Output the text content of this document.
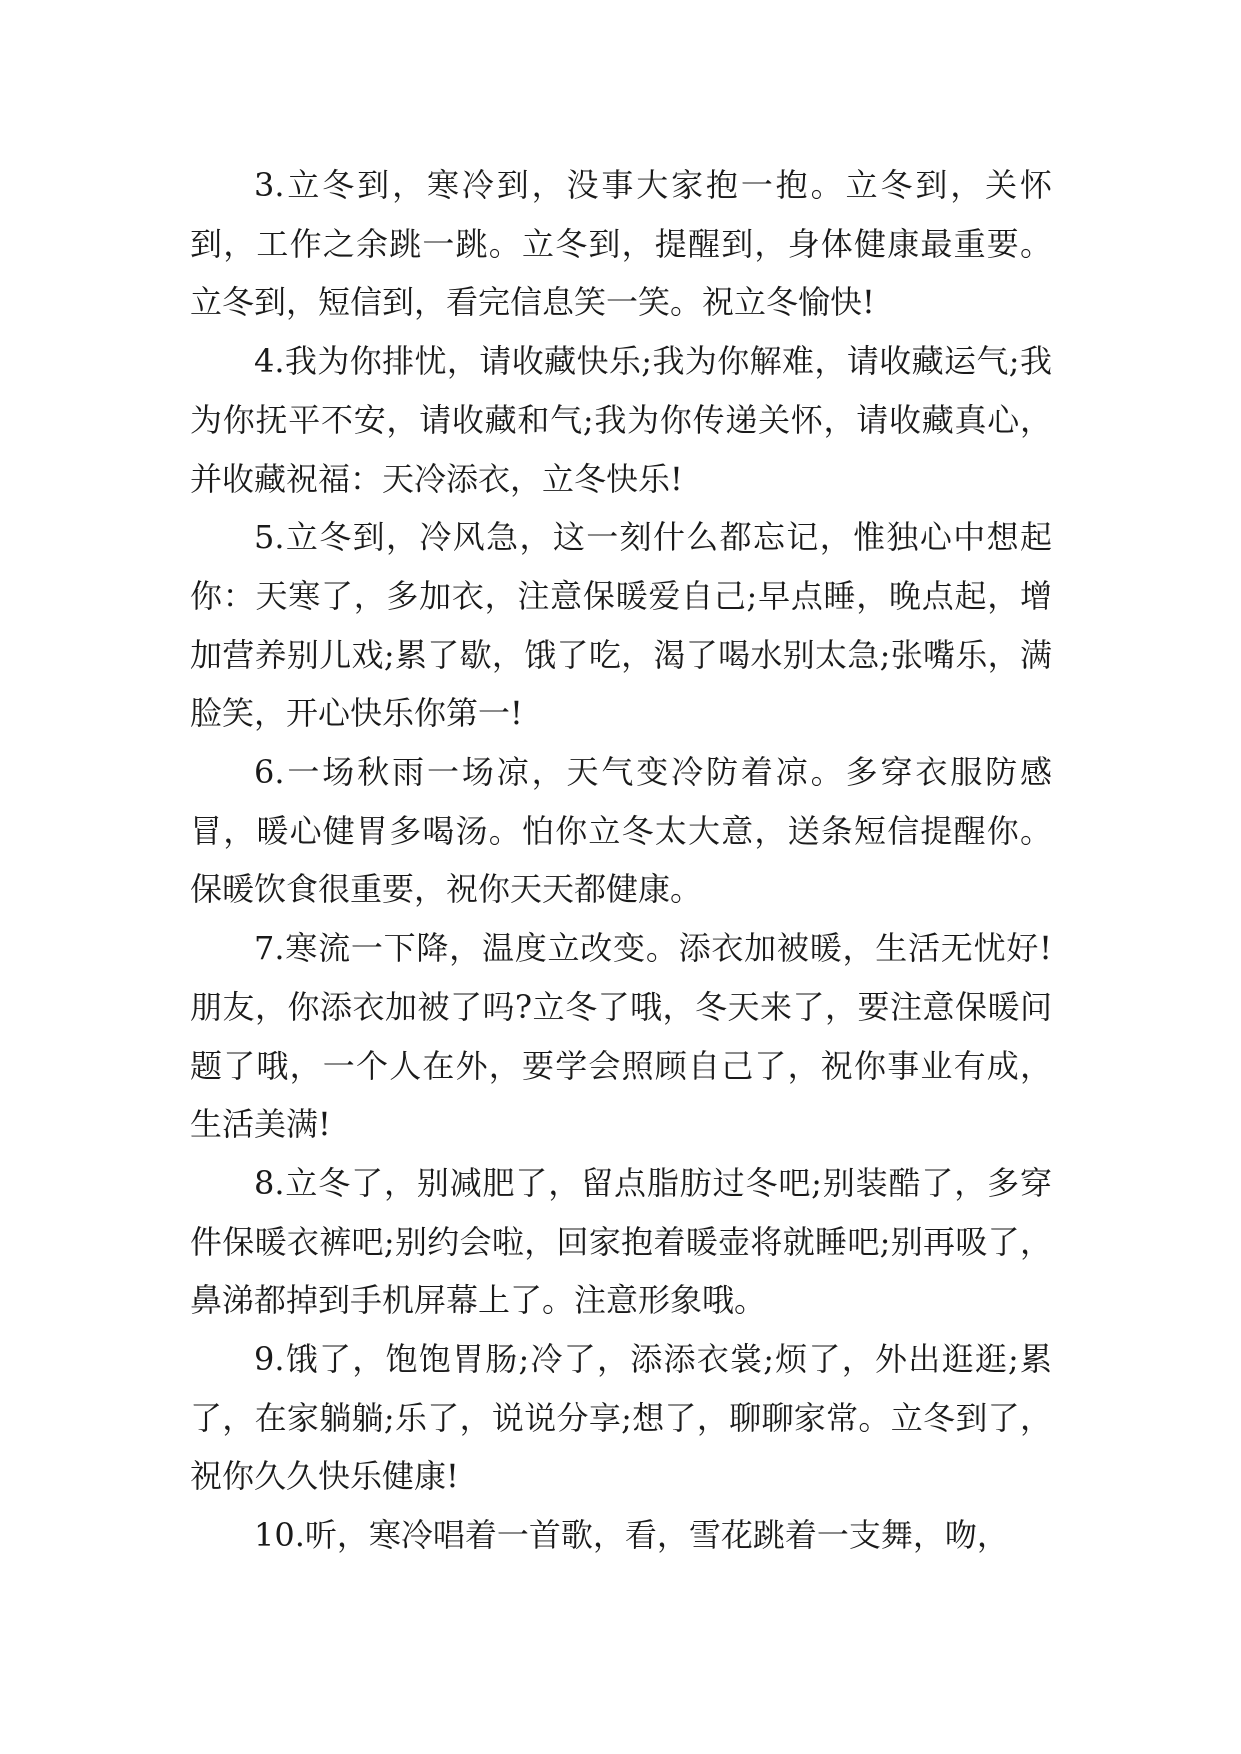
3.立冬到，寒冷到，没事大家抱一抱。立冬到，关怀到，工作之余跳一跳。立冬到，提醒到，身体健康最重要。立冬到，短信到，看完信息笑一笑。祝立冬愉快!

4.我为你排忧，请收藏快乐;我为你解难，请收藏运气;我为你抚平不安，请收藏和气;我为你传递关怀，请收藏真心，并收藏祝福：天冷添衣，立冬快乐!

5.立冬到，冷风急，这一刻什么都忘记，惟独心中想起你：天寒了，多加衣，注意保暖爱自己;早点睡，晚点起，增加营养别儿戏;累了歇，饿了吃，渴了喝水别太急;张嘴乐，满脸笑，开心快乐你第一!

6.一场秋雨一场凉，天气变冷防着凉。多穿衣服防感冒，暖心健胃多喝汤。怕你立冬太大意，送条短信提醒你。保暖饮食很重要，祝你天天都健康。

7.寒流一下降，温度立改变。添衣加被暖，生活无忧好!朋友，你添衣加被了吗?立冬了哦，冬天来了，要注意保暖问题了哦，一个人在外，要学会照顾自己了，祝你事业有成，生活美满!

8.立冬了，别减肥了，留点脂肪过冬吧;别装酷了，多穿件保暖衣裤吧;别约会啦，回家抱着暖壶将就睡吧;别再吸了，鼻涕都掉到手机屏幕上了。注意形象哦。

9.饿了，饱饱胃肠;冷了，添添衣裳;烦了，外出逛逛;累了，在家躺躺;乐了，说说分享;想了，聊聊家常。立冬到了，祝你久久快乐健康!

10.听，寒冷唱着一首歌，看，雪花跳着一支舞，吻，
